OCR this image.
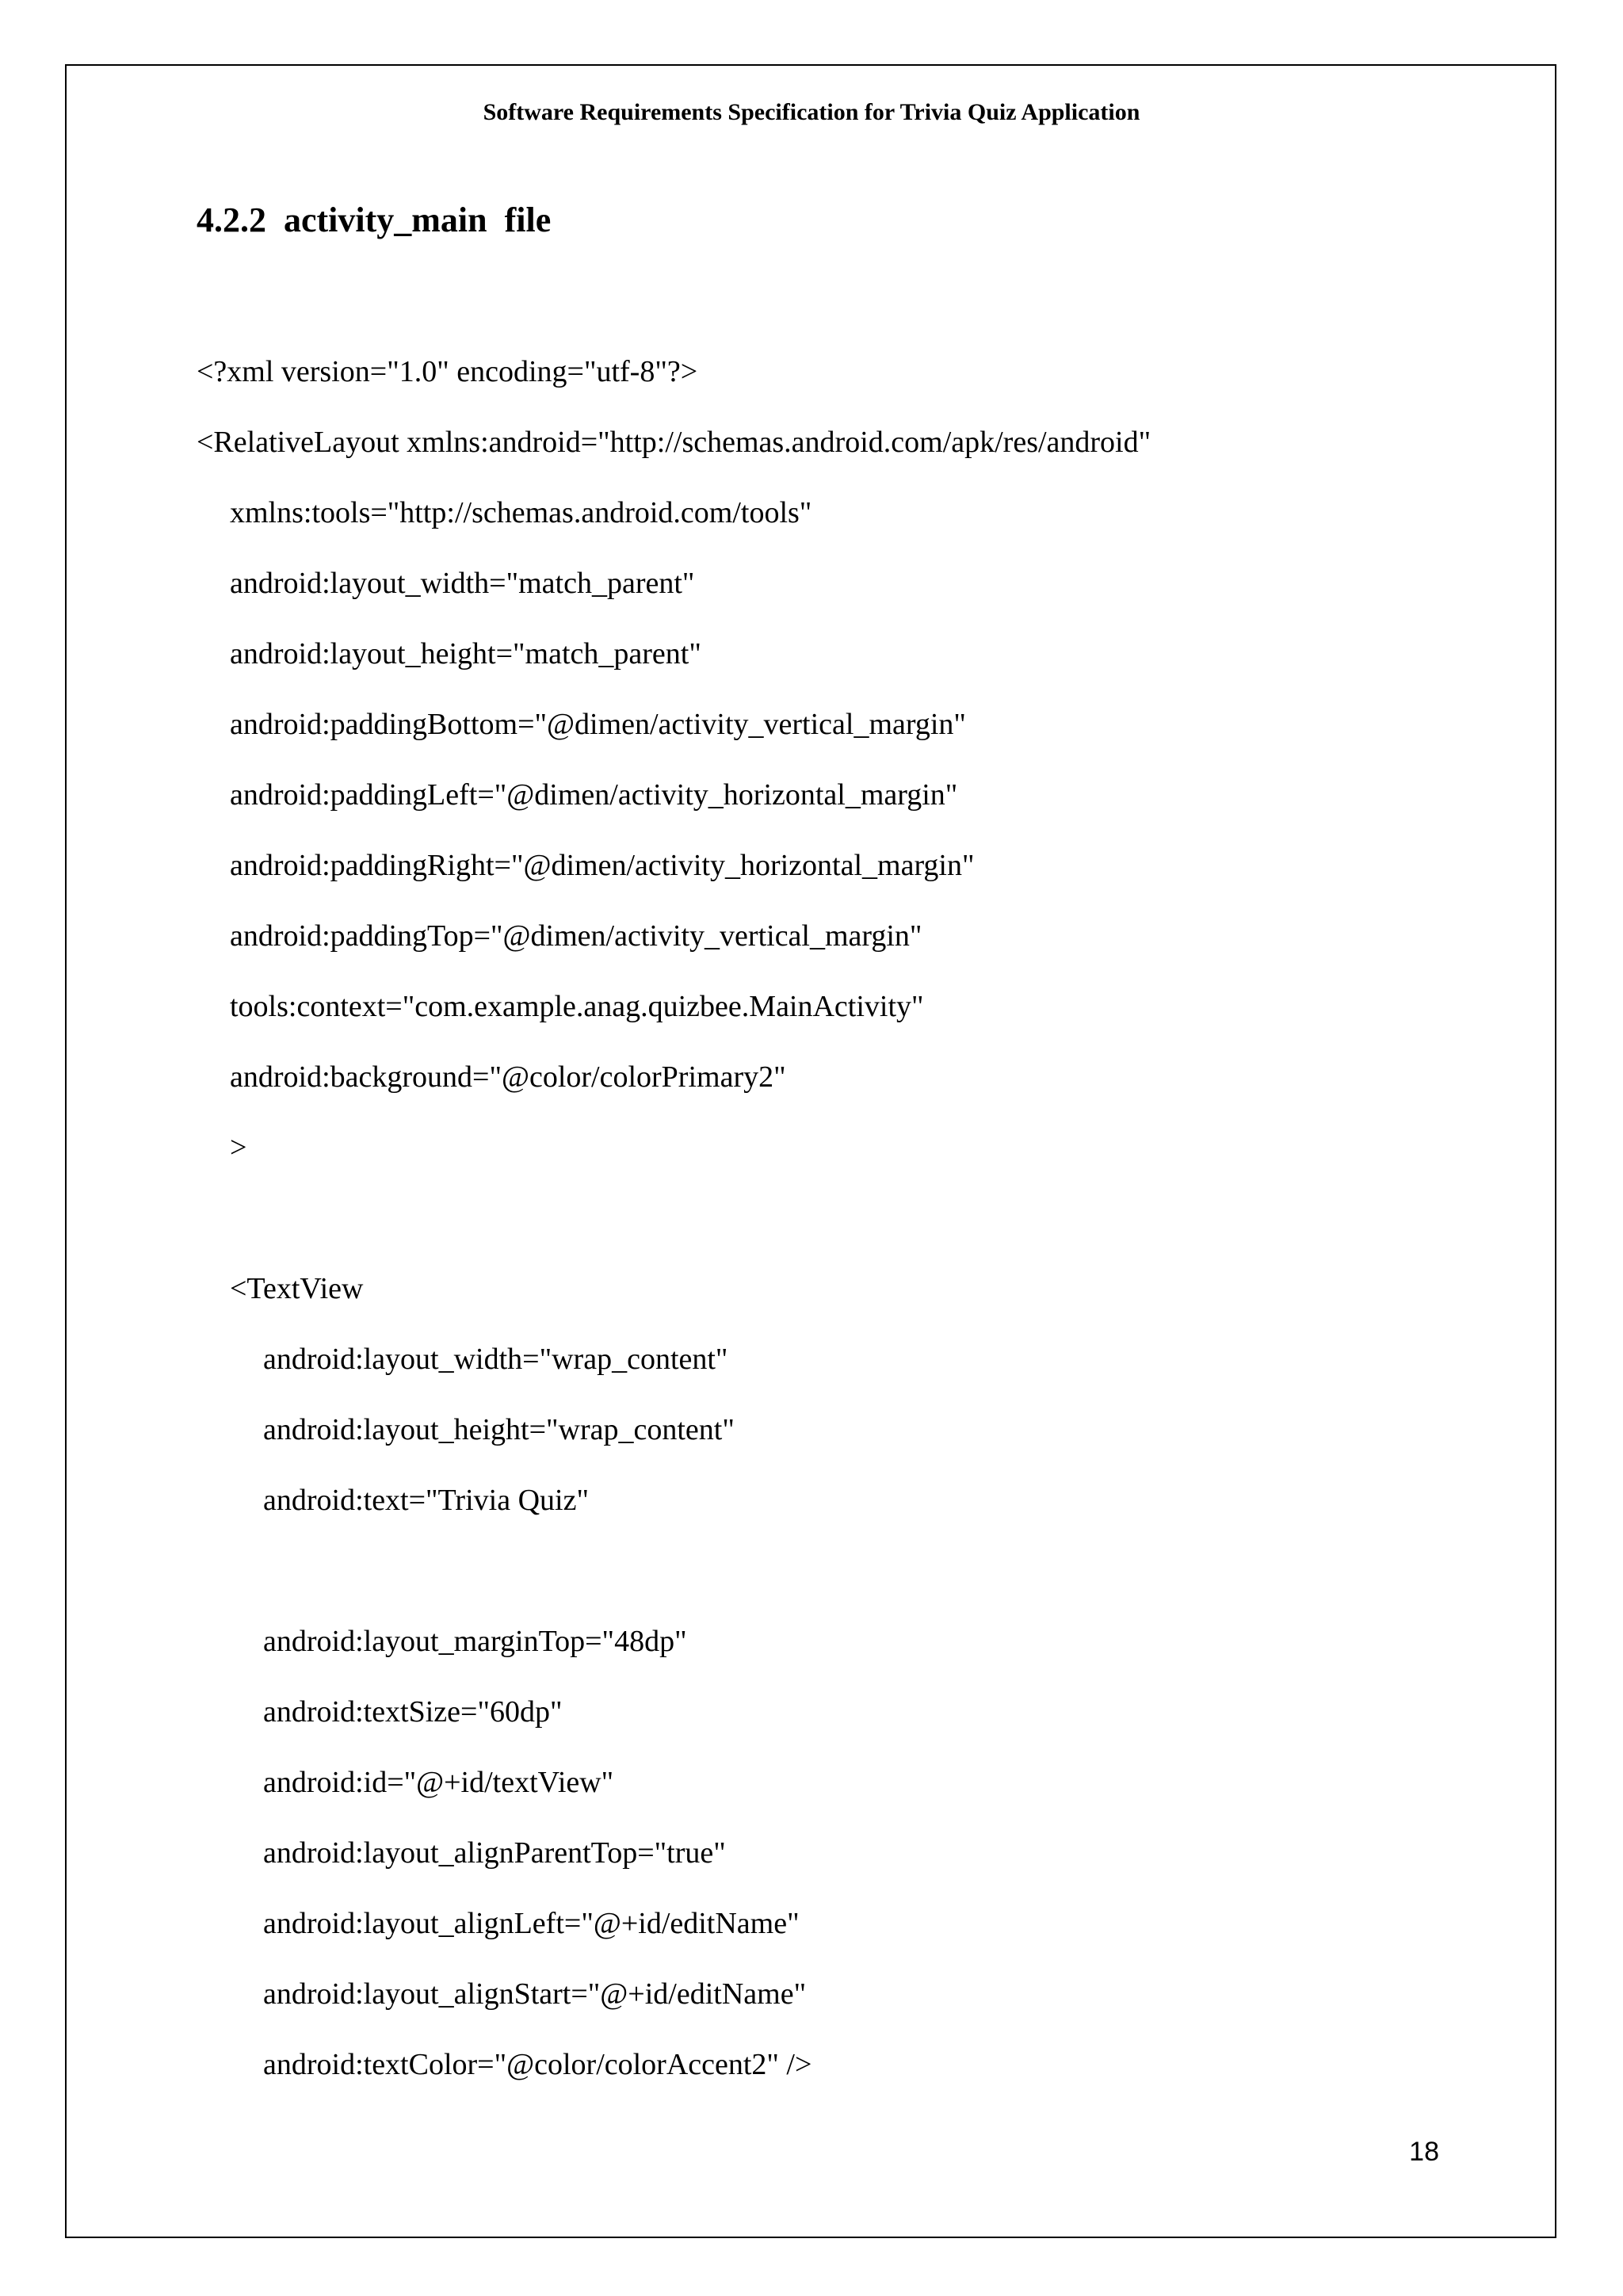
Software Requirements Specification for Trivia Quiz Application
4.2.2  activity_main  file
<?xml version="1.0" encoding="utf-8"?>
<RelativeLayout xmlns:android="http://schemas.android.com/apk/res/android"
xmlns:tools="http://schemas.android.com/tools"
android:layout_width="match_parent"
android:layout_height="match_parent"
android:paddingBottom="@dimen/activity_vertical_margin"
android:paddingLeft="@dimen/activity_horizontal_margin"
android:paddingRight="@dimen/activity_horizontal_margin"
android:paddingTop="@dimen/activity_vertical_margin"
tools:context="com.example.anag.quizbee.MainActivity"
android:background="@color/colorPrimary2"
>
<TextView
android:layout_width="wrap_content"
android:layout_height="wrap_content"
android:text="Trivia Quiz"
android:layout_marginTop="48dp"
android:textSize="60dp"
android:id="@+id/textView"
android:layout_alignParentTop="true"
android:layout_alignLeft="@+id/editName"
android:layout_alignStart="@+id/editName"
android:textColor="@color/colorAccent2" />
18
